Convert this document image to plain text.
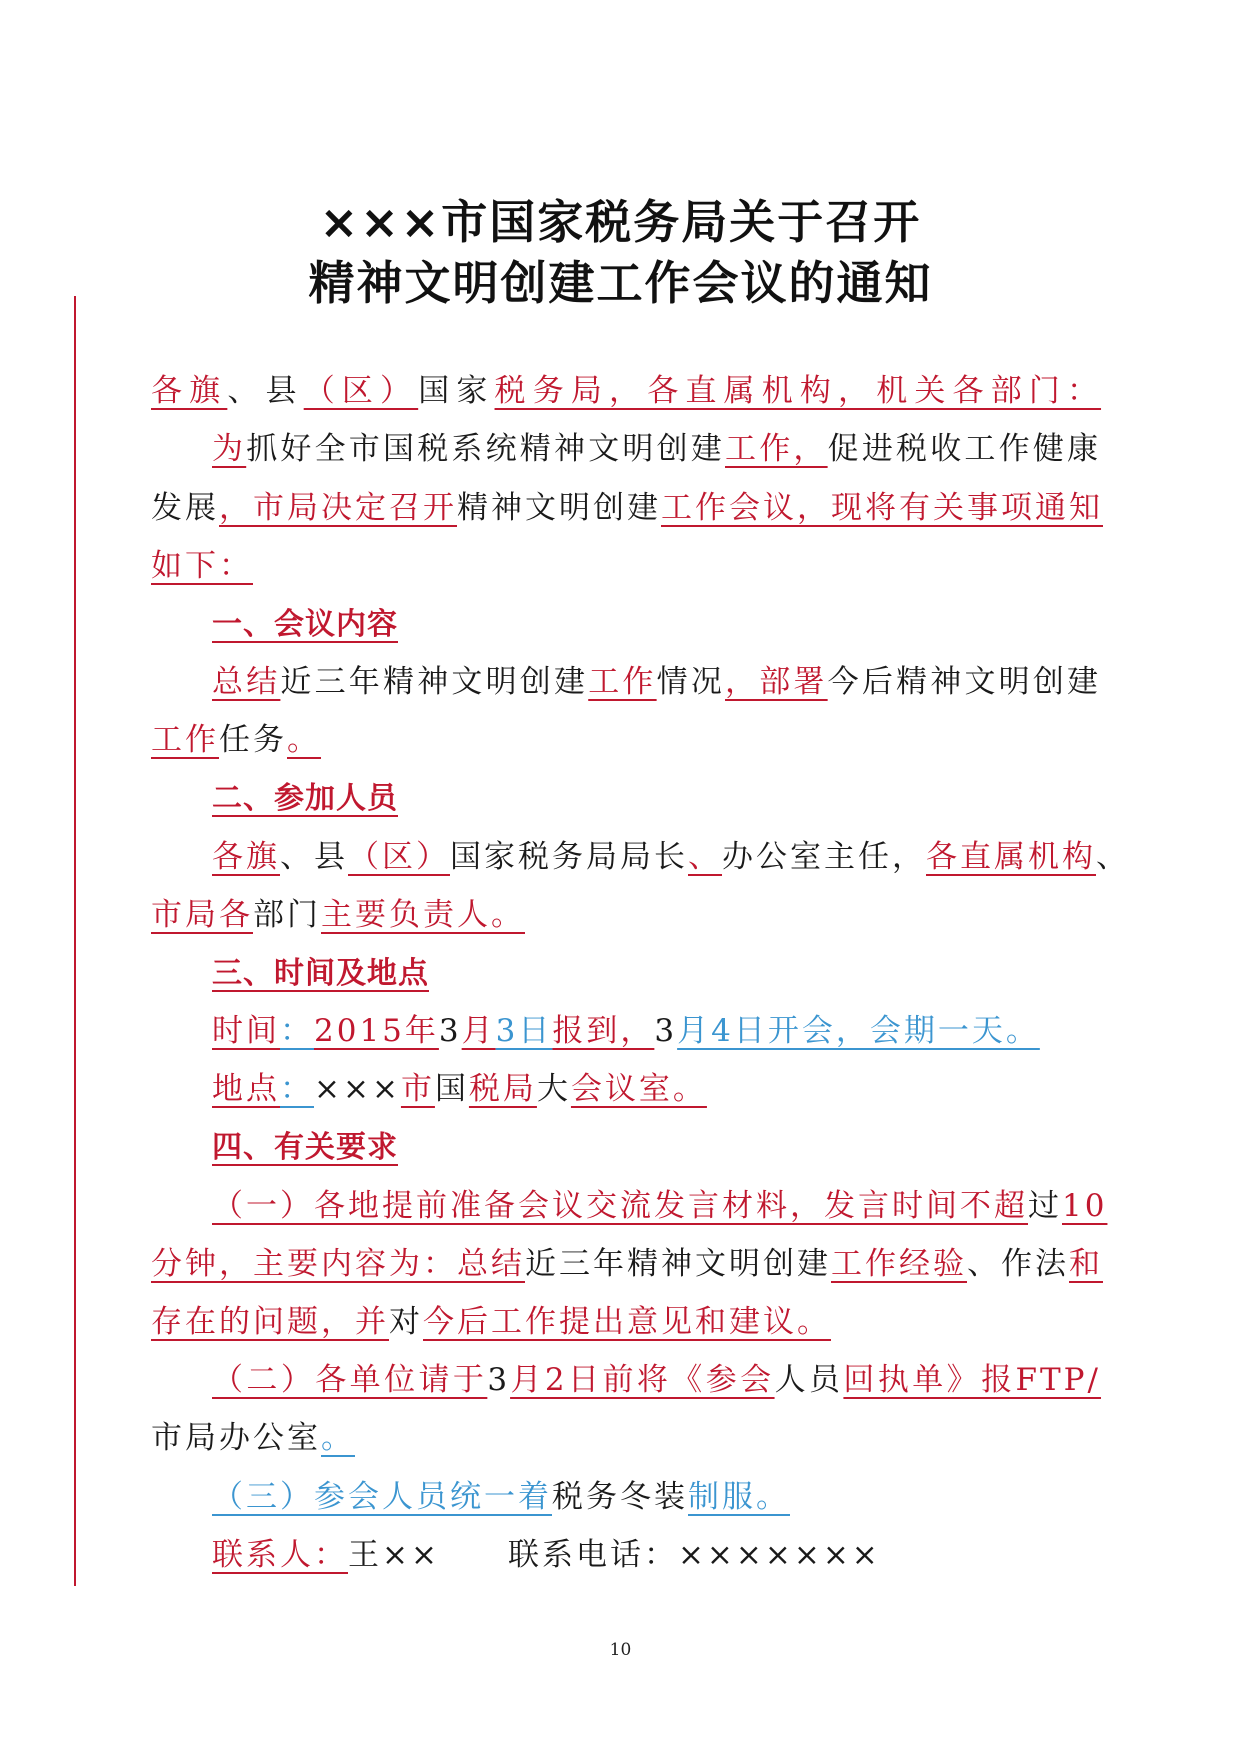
×××市国家税务局关于召开
精神文明创建工作会议的通知
各旗、县（区）国家税务局，各直属机构，机关各部门：
为抓好全市国税系统精神文明创建工作，促进税收工作健康
发展，市局决定召开精神文明创建工作会议，现将有关事项通知
如下：
一、会议内容
总结近三年精神文明创建工作情况，部署今后精神文明创建
工作任务。
二、参加人员
各旗、县（区）国家税务局局长、办公室主任，各直属机构、
市局各部门主要负责人。
三、时间及地点
时间：2015年3月3日报到，3月4日开会，会期一天。
地点：×××市国税局大会议室。
四、有关要求
（一）各地提前准备会议交流发言材料，发言时间不超过10
分钟，主要内容为：总结近三年精神文明创建工作经验、作法和
存在的问题，并对今后工作提出意见和建议。
（二）各单位请于3月2日前将《参会人员回执单》报FTP/
市局办公室。
（三）参会人员统一着税务冬装制服。
联系人：王××　　联系电话：×××××××
10
